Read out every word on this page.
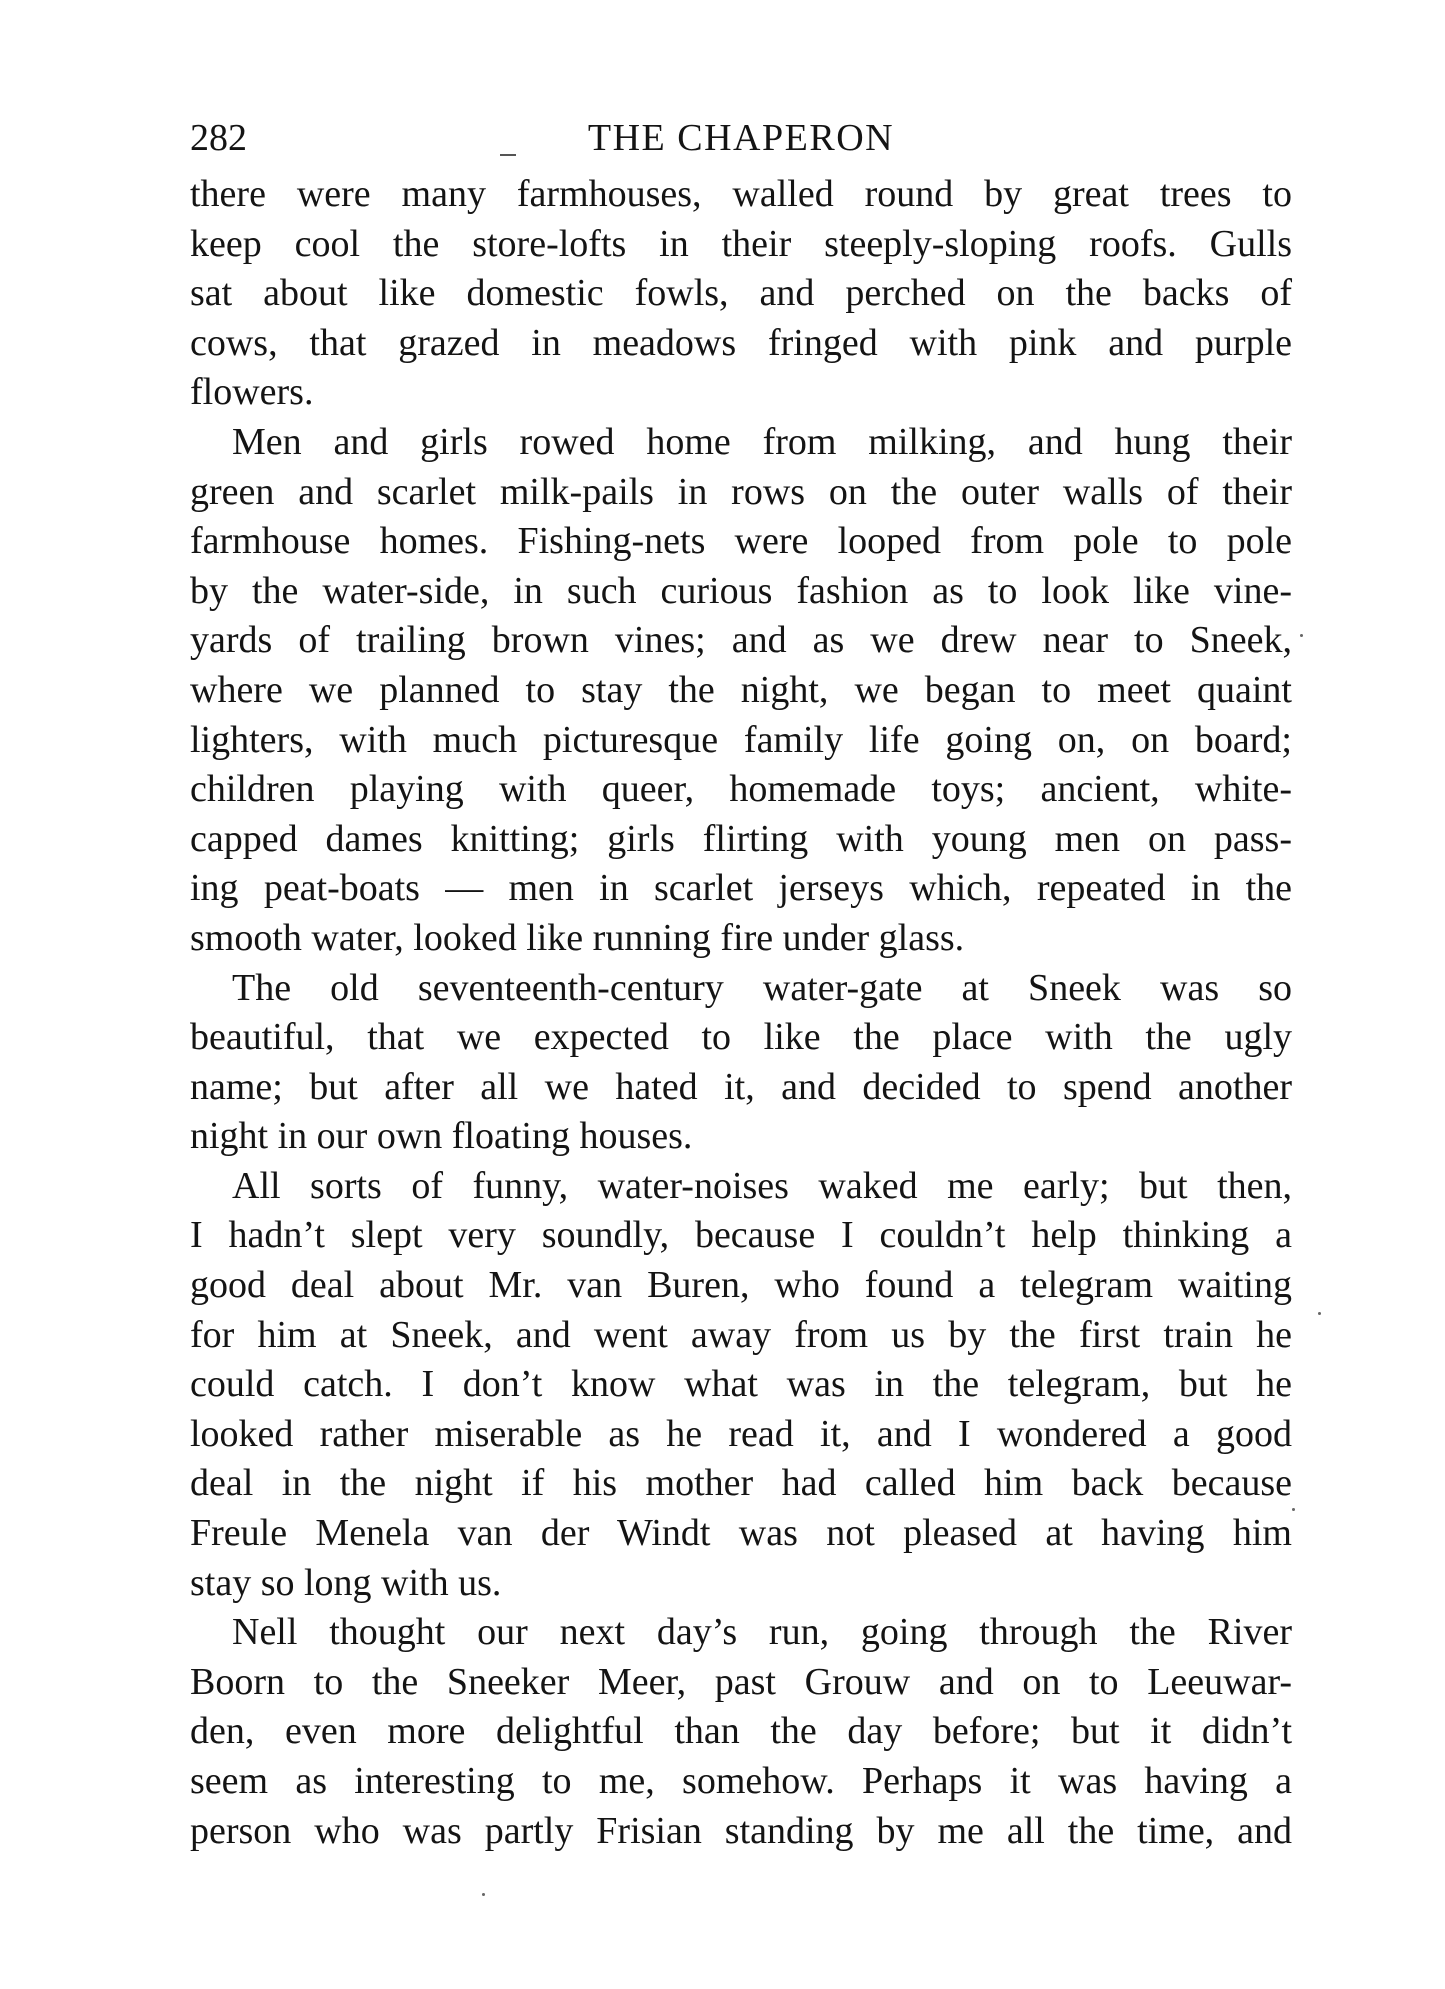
282	THE CHAPERON
there were many farmhouses, walled round by great trees to
keep cool the store-lofts in their steeply-sloping roofs. Gulls
sat about like domestic fowls, and perched on the backs of
cows, that grazed in meadows fringed with pink and purple
flowers.
Men and girls rowed home from milking, and hung their
green and scarlet milk-pails in rows on the outer walls of their
farmhouse homes. Fishing-nets were looped from pole to pole
by the water-side, in such curious fashion as to look like vine-
yards of trailing brown vines; and as we drew near to Sneek,
where we planned to stay the night, we began to meet quaint
lighters, with much picturesque family life going on, on board;
children playing with queer, homemade toys; ancient, white-
capped dames knitting; girls flirting with young men on pass-
ing peat-boats — men in scarlet jerseys which, repeated in the
smooth water, looked like running fire under glass.
The old seventeenth-century water-gate at Sneek was so
beautiful, that we expected to like the place with the ugly
name; but after all we hated it, and decided to spend another
night in our own floating houses.
All sorts of funny, water-noises waked me early; but then,
I hadn’t slept very soundly, because I couldn’t help thinking a
good deal about Mr. van Buren, who found a telegram waiting
for him at Sneek, and went away from us by the first train he
could catch. I don’t know what was in the telegram, but he
looked rather miserable as he read it, and I wondered a good
deal in the night if his mother had called him back because
Freule Menela van der Windt was not pleased at having him
stay so long with us.
Nell thought our next day’s run, going through the River
Boorn to the Sneeker Meer, past Grouw and on to Leeuwar-
den, even more delightful than the day before; but it didn’t
seem as interesting to me, somehow. Perhaps it was having a
person who was partly Frisian standing by me all the time, and
